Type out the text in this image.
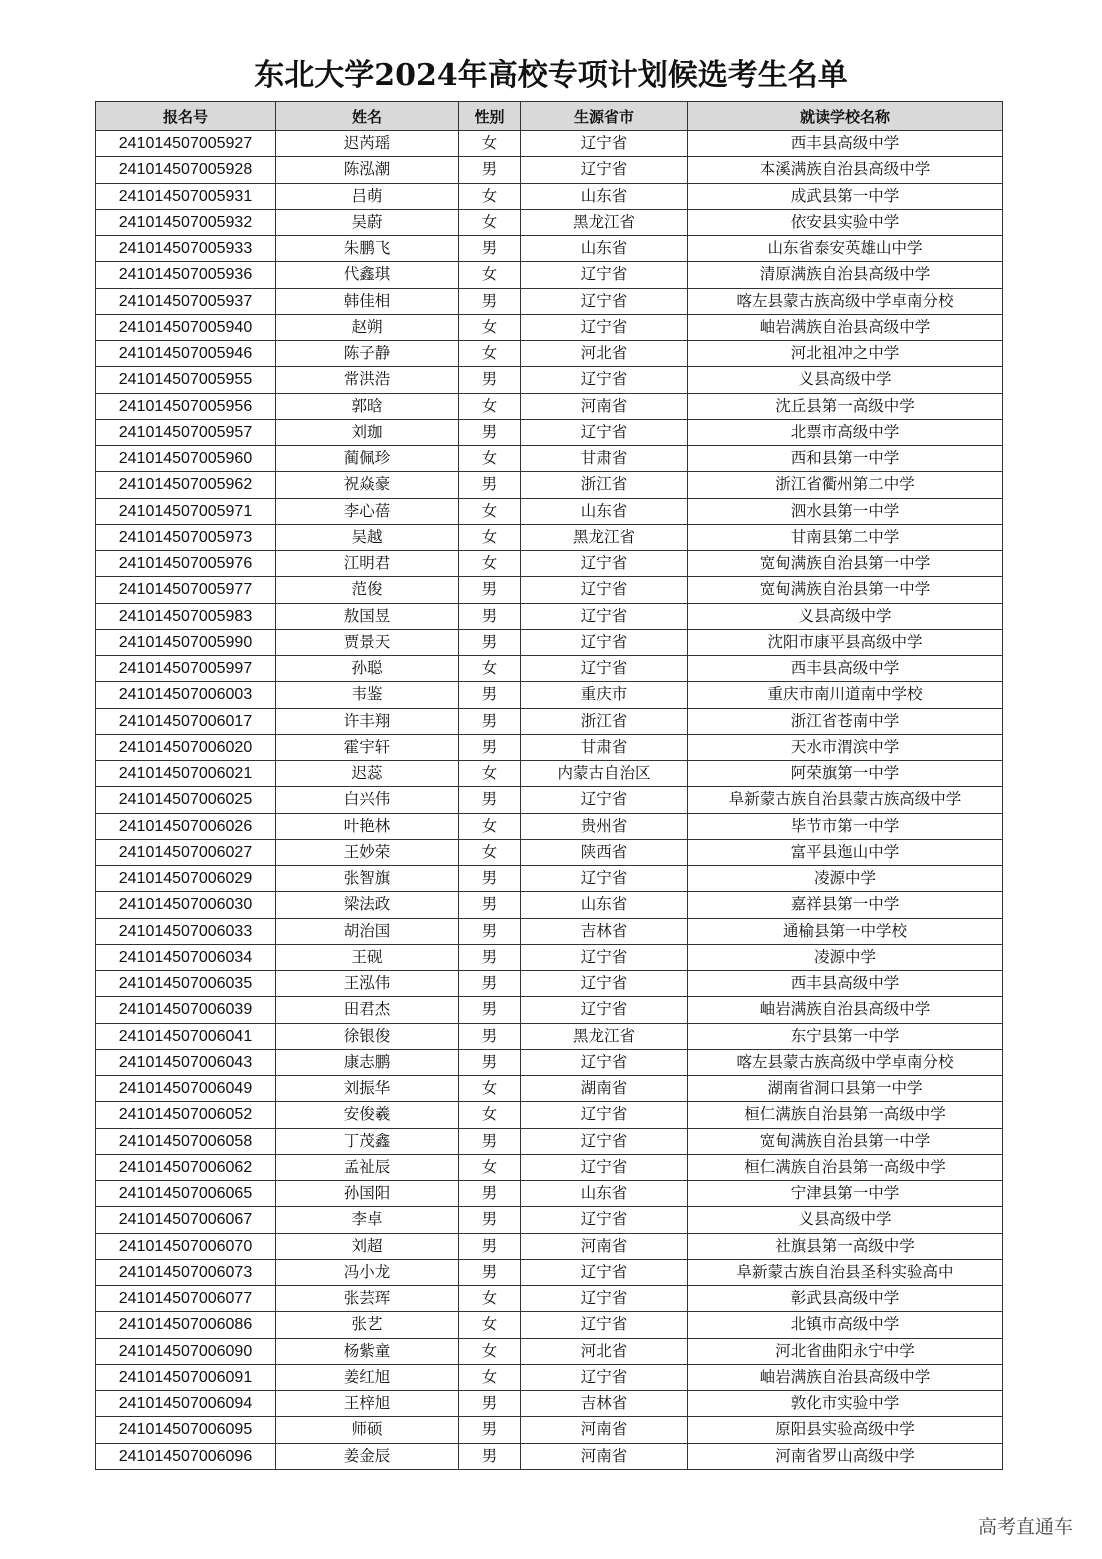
东北大学2024年高校专项计划候选考生名单
报名号	姓名	性别	生源省市	就读学校名称
241014507005927	迟芮瑶	女	辽宁省	西丰县高级中学
241014507005928	陈泓潮	男	辽宁省	本溪满族自治县高级中学
241014507005931	吕萌	女	山东省	成武县第一中学
241014507005932	吴蔚	女	黑龙江省	依安县实验中学
241014507005933	朱鹏飞	男	山东省	山东省泰安英雄山中学
241014507005936	代鑫琪	女	辽宁省	清原满族自治县高级中学
241014507005937	韩佳相	男	辽宁省	喀左县蒙古族高级中学卓南分校
241014507005940	赵朔	女	辽宁省	岫岩满族自治县高级中学
241014507005946	陈子静	女	河北省	河北祖冲之中学
241014507005955	常洪浩	男	辽宁省	义县高级中学
241014507005956	郭晗	女	河南省	沈丘县第一高级中学
241014507005957	刘珈	男	辽宁省	北票市高级中学
241014507005960	蔺佩珍	女	甘肃省	西和县第一中学
241014507005962	祝焱豪	男	浙江省	浙江省衢州第二中学
241014507005971	李心蓓	女	山东省	泗水县第一中学
241014507005973	吴越	女	黑龙江省	甘南县第二中学
241014507005976	江明君	女	辽宁省	宽甸满族自治县第一中学
241014507005977	范俊	男	辽宁省	宽甸满族自治县第一中学
241014507005983	敖国昱	男	辽宁省	义县高级中学
241014507005990	贾景天	男	辽宁省	沈阳市康平县高级中学
241014507005997	孙聪	女	辽宁省	西丰县高级中学
241014507006003	韦鉴	男	重庆市	重庆市南川道南中学校
241014507006017	许丰翔	男	浙江省	浙江省苍南中学
241014507006020	霍宇轩	男	甘肃省	天水市渭滨中学
241014507006021	迟蕊	女	内蒙古自治区	阿荣旗第一中学
241014507006025	白兴伟	男	辽宁省	阜新蒙古族自治县蒙古族高级中学
241014507006026	叶艳林	女	贵州省	毕节市第一中学
241014507006027	王妙荣	女	陕西省	富平县迤山中学
241014507006029	张智旗	男	辽宁省	凌源中学
241014507006030	梁法政	男	山东省	嘉祥县第一中学
241014507006033	胡治国	男	吉林省	通榆县第一中学校
241014507006034	王砚	男	辽宁省	凌源中学
241014507006035	王泓伟	男	辽宁省	西丰县高级中学
241014507006039	田君杰	男	辽宁省	岫岩满族自治县高级中学
241014507006041	徐银俊	男	黑龙江省	东宁县第一中学
241014507006043	康志鹏	男	辽宁省	喀左县蒙古族高级中学卓南分校
241014507006049	刘振华	女	湖南省	湖南省洞口县第一中学
241014507006052	安俊羲	女	辽宁省	桓仁满族自治县第一高级中学
241014507006058	丁茂鑫	男	辽宁省	宽甸满族自治县第一中学
241014507006062	孟祉辰	女	辽宁省	桓仁满族自治县第一高级中学
241014507006065	孙国阳	男	山东省	宁津县第一中学
241014507006067	李卓	男	辽宁省	义县高级中学
241014507006070	刘超	男	河南省	社旗县第一高级中学
241014507006073	冯小龙	男	辽宁省	阜新蒙古族自治县圣科实验高中
241014507006077	张芸珲	女	辽宁省	彰武县高级中学
241014507006086	张艺	女	辽宁省	北镇市高级中学
241014507006090	杨紫童	女	河北省	河北省曲阳永宁中学
241014507006091	姜红旭	女	辽宁省	岫岩满族自治县高级中学
241014507006094	王梓旭	男	吉林省	敦化市实验中学
241014507006095	师硕	男	河南省	原阳县实验高级中学
241014507006096	姜金辰	男	河南省	河南省罗山高级中学
高考直通车
